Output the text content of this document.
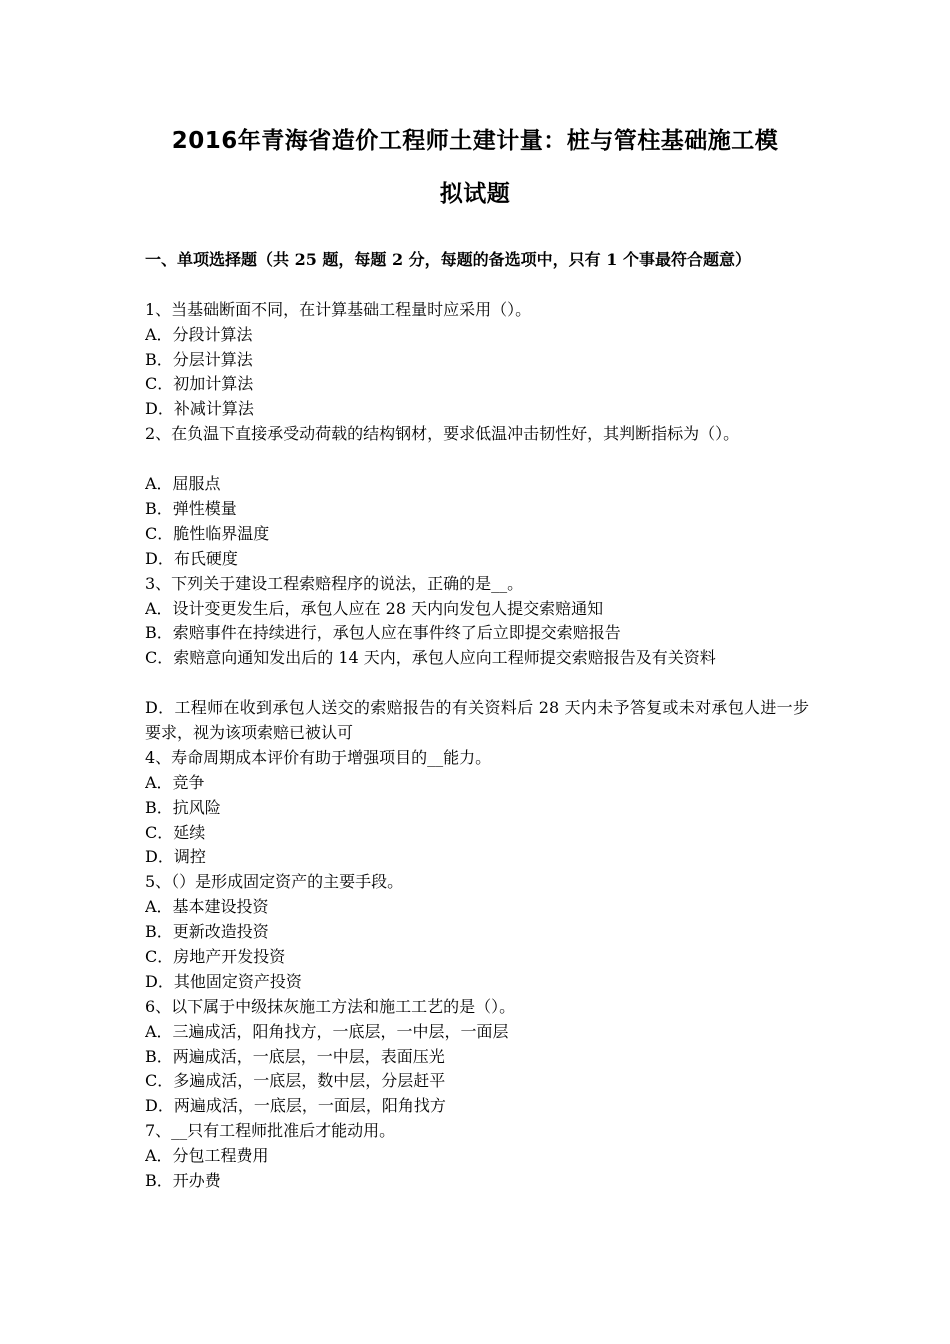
2016年青海省造价工程师土建计量：桩与管柱基础施工模
拟试题
一、单项选择题（共 25 题，每题 2 分，每题的备选项中，只有 1 个事最符合题意）
1、当基础断面不同，在计算基础工程量时应采用（）。
A．分段计算法
B．分层计算法
C．初加计算法
D．补减计算法
2、在负温下直接承受动荷载的结构钢材，要求低温冲击韧性好，其判断指标为（）。
A．屈服点
B．弹性模量
C．脆性临界温度
D．布氏硬度
3、下列关于建设工程索赔程序的说法，正确的是__。
A．设计变更发生后，承包人应在 28 天内向发包人提交索赔通知
B．索赔事件在持续进行，承包人应在事件终了后立即提交索赔报告
C．索赔意向通知发出后的 14 天内，承包人应向工程师提交索赔报告及有关资料
D．工程师在收到承包人送交的索赔报告的有关资料后 28 天内未予答复或未对承包人进一步要求，视为该项索赔已被认可
4、寿命周期成本评价有助于增强项目的__能力。
A．竞争
B．抗风险
C．延续
D．调控
5、（）是形成固定资产的主要手段。
A．基本建设投资
B．更新改造投资
C．房地产开发投资
D．其他固定资产投资
6、以下属于中级抹灰施工方法和施工工艺的是（）。
A．三遍成活，阳角找方，一底层，一中层，一面层
B．两遍成活，一底层，一中层，表面压光
C．多遍成活，一底层，数中层，分层赶平
D．两遍成活，一底层，一面层，阳角找方
7、__只有工程师批准后才能动用。
A．分包工程费用
B．开办费
